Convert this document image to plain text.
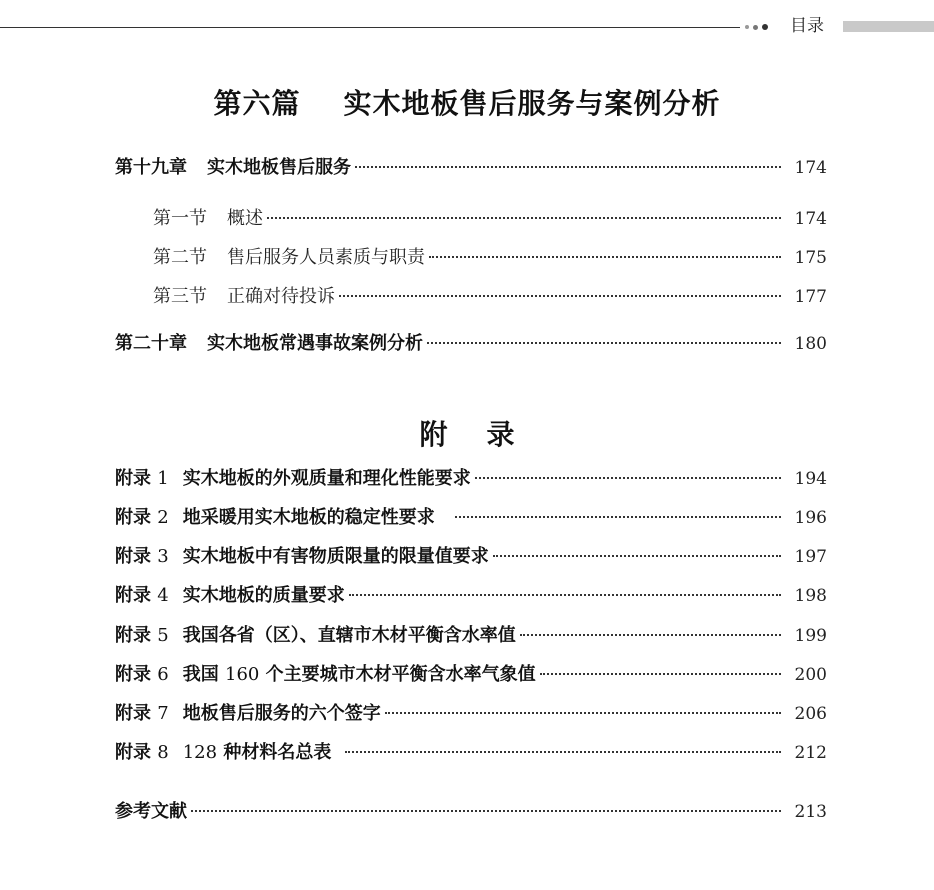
目录
第六篇    实木地板售后服务与案例分析
第十九章 实木地板售后服务	174
第一节 概述	174
第二节 售后服务人员素质与职责	175
第三节 正确对待投诉	177
第二十章 实木地板常遇事故案例分析	180
附    录
附录 1 实木地板的外观质量和理化性能要求	194
附录 2 地采暖用实木地板的稳定性要求	196
附录 3 实木地板中有害物质限量的限量值要求	197
附录 4 实木地板的质量要求	198
附录 5 我国各省（区）、直辖市木材平衡含水率值	199
附录 6 我国 160 个主要城市木材平衡含水率气象值	200
附录 7 地板售后服务的六个签字	206
附录 8 128 种材料名总表	212
参考文献	213
